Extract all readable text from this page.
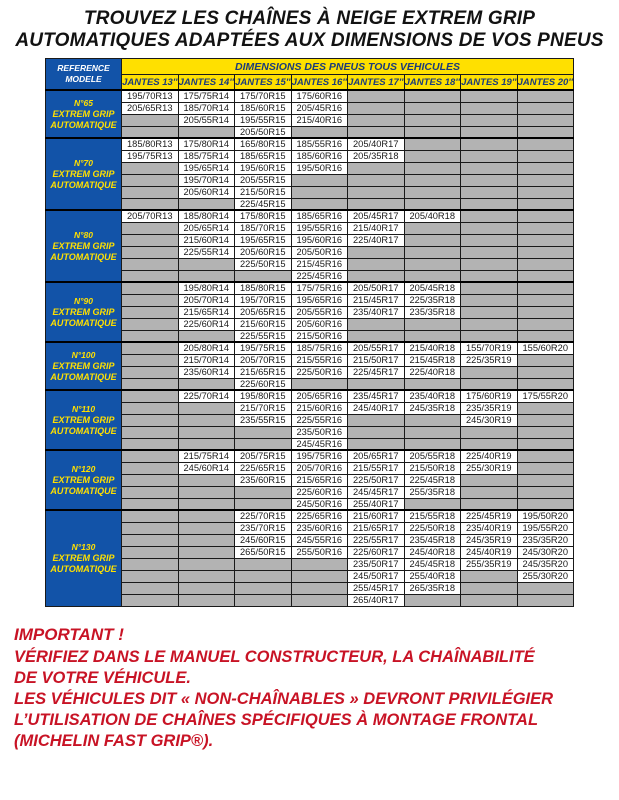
TROUVEZ LES CHAÎNES À NEIGE EXTREM GRIP
AUTOMATIQUES ADAPTÉES AUX DIMENSIONS DE VOS PNEUS
REFERENCE
MODELE	DIMENSIONS DES PNEUS TOUS VEHICULES							
	JANTES 13''	JANTES 14''	JANTES 15''	JANTES 16''	JANTES 17''	JANTES 18''	JANTES 19''	JANTES 20''

N°65
EXTREM GRIP
AUTOMATIQUE	195/70R13	175/75R14	175/70R15	175/60R16				
	205/65R13	185/70R14	185/60R15	205/45R16				
		205/55R14	195/55R15	215/40R16				
			205/50R15					

N°70
EXTREM GRIP
AUTOMATIQUE	185/80R13	175/80R14	165/80R15	185/55R16	205/40R17			
	195/75R13	185/75R14	185/65R15	185/60R16	205/35R18			
		195/65R14	195/60R15	195/50R16				
		195/70R14	205/55R15					
		205/60R14	215/50R15					
			225/45R15					

N°80
EXTREM GRIP
AUTOMATIQUE	205/70R13	185/80R14	175/80R15	185/65R16	205/45R17	205/40R18		
		205/65R14	185/70R15	195/55R16	215/40R17			
		215/60R14	195/65R15	195/60R16	225/40R17			
		225/55R14	205/60R15	205/50R16				
			225/50R15	215/45R16				
				225/45R16				

N°90
EXTREM GRIP
AUTOMATIQUE		195/80R14	185/80R15	175/75R16	205/50R17	205/45R18		
		205/70R14	195/70R15	195/65R16	215/45R17	225/35R18		
		215/65R14	205/65R15	205/55R16	235/40R17	235/35R18		
		225/60R14	215/60R15	205/60R16				
			225/55R15	215/50R16				

N°100
EXTREM GRIP
AUTOMATIQUE		205/80R14	195/75R15	185/75R16	205/55R17	215/40R18	155/70R19	155/60R20
		215/70R14	205/70R15	215/55R16	215/50R17	215/45R18	225/35R19	
		235/60R14	215/65R15	225/50R16	225/45R17	225/40R18		
			225/60R15					

N°110
EXTREM GRIP
AUTOMATIQUE		225/70R14	195/80R15	205/65R16	235/45R17	235/40R18	175/60R19	175/55R20
			215/70R15	215/60R16	245/40R17	245/35R18	235/35R19	
			235/55R15	225/55R16			245/30R19	
				235/50R16				
				245/45R16				

N°120
EXTREM GRIP
AUTOMATIQUE		215/75R14	205/75R15	195/75R16	205/65R17	205/55R18	225/40R19	
		245/60R14	225/65R15	205/70R16	215/55R17	215/50R18	255/30R19	
			235/60R15	215/65R16	225/50R17	225/45R18		
				225/60R16	245/45R17	255/35R18		
				245/50R16	255/40R17			

N°130
EXTREM GRIP
AUTOMATIQUE			225/70R15	225/65R16	215/60R17	215/55R18	225/45R19	195/50R20
			235/70R15	235/60R16	215/65R17	225/50R18	235/40R19	195/55R20
			245/60R15	245/55R16	225/55R17	235/45R18	245/35R19	235/35R20
			265/50R15	255/50R16	225/60R17	245/40R18	245/40R19	245/30R20
					235/50R17	245/45R18	255/35R19	245/35R20
					245/50R17	255/40R18		255/30R20
					255/45R17	265/35R18		
					265/40R17			
IMPORTANT !
VÉRIFIEZ DANS LE MANUEL CONSTRUCTEUR, LA CHAÎNABILITÉ
DE VOTRE VÉHICULE.
LES VÉHICULES DIT « NON-CHAÎNABLES » DEVRONT PRIVILÉGIER
L’UTILISATION DE CHAÎNES SPÉCIFIQUES À MONTAGE FRONTAL
(MICHELIN FAST GRIP®).
